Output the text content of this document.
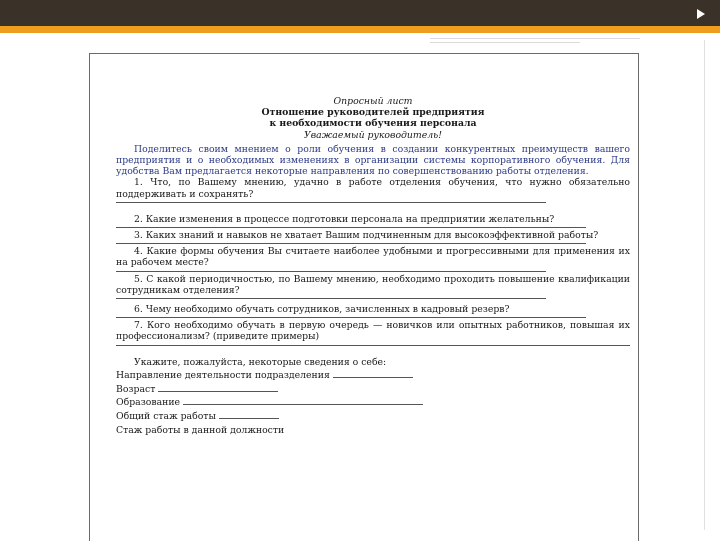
Опросный лист

Отношение руководителей предприятия

к необходимости обучения персонала

Уважаемый руководитель!

Поделитесь своим мнением о роли обучения в создании конкурентных преимуществ вашего предприятия и о необходимых изменениях в организации системы корпоративного обучения. Для удобства Вам предлагается некоторые направления по совершенствованию работы отделения.

1. Что, по Вашему мнению, удачно в работе отделения обучения, что нужно обязательно поддерживать и сохранять?

2. Какие изменения в процессе подготовки персонала на предприятии желательны?

3. Каких знаний и навыков не хватает Вашим подчиненным для высокоэффективной работы?

4. Какие формы обучения Вы считаете наиболее удобными и прогрессивными для применения их на рабочем месте?

5. С какой периодичностью, по Вашему мнению, необходимо проходить повышение квалификации сотрудникам отделения?

6. Чему необходимо обучать сотрудников, зачисленных в кадровый резерв?

7. Кого необходимо обучать в первую очередь — новичков или опытных работников, повышая их профессионализм? (приведите примеры)

Укажите, пожалуйста, некоторые сведения о себе:

Направление деятельности подразделения

Возраст

Образование

Общий стаж работы

Стаж работы в данной должности
